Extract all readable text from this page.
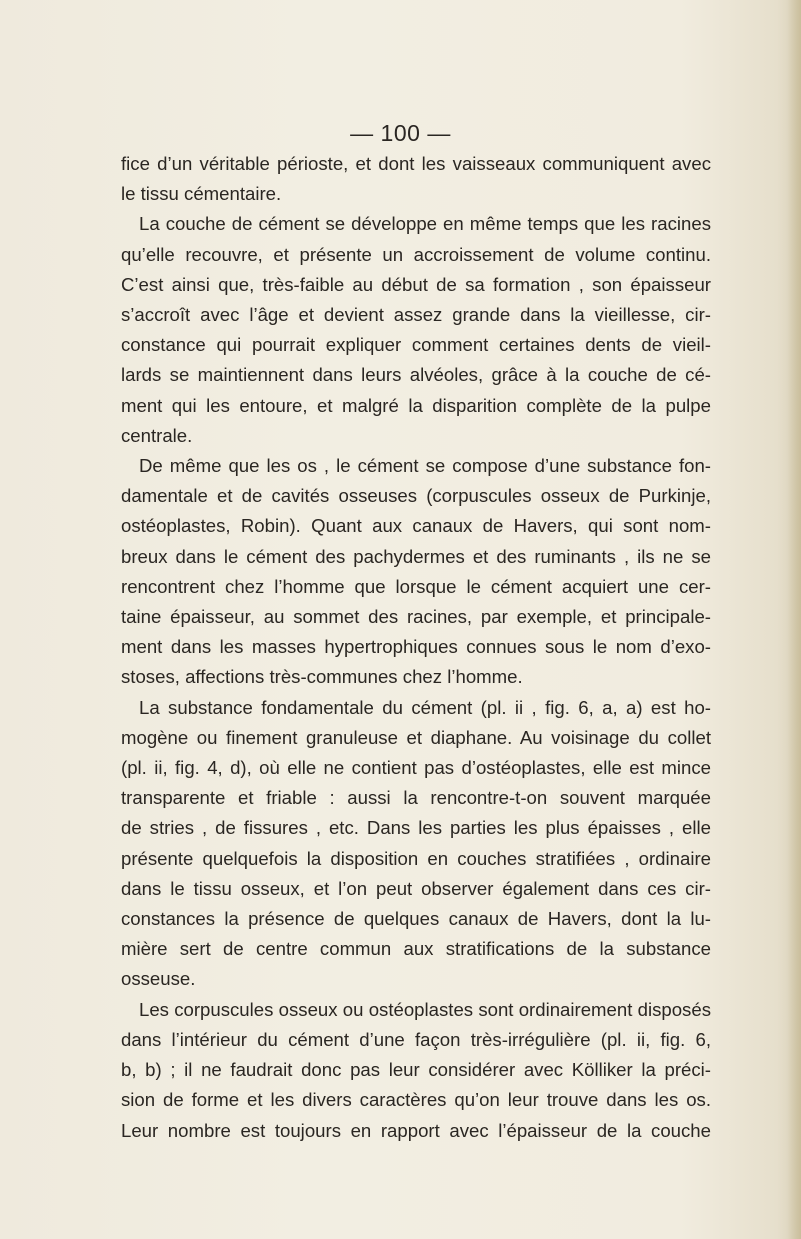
— 100 —
fice d’un véritable périoste, et dont les vaisseaux communiquent avec
le tissu cémentaire.
La couche de cément se développe en même temps que les racines
qu’elle recouvre, et présente un accroissement de volume continu.
C’est ainsi que, très-faible au début de sa formation , son épaisseur
s’accroît avec l’âge et devient assez grande dans la vieillesse, cir-
constance qui pourrait expliquer comment certaines dents de vieil-
lards se maintiennent dans leurs alvéoles, grâce à la couche de cé-
ment qui les entoure, et malgré la disparition complète de la pulpe
centrale.
De même que les os , le cément se compose d’une substance fon-
damentale et de cavités osseuses (corpuscules osseux de Purkinje,
ostéoplastes, Robin). Quant aux canaux de Havers, qui sont nom-
breux dans le cément des pachydermes et des ruminants , ils ne se
rencontrent chez l’homme que lorsque le cément acquiert une cer-
taine épaisseur, au sommet des racines, par exemple, et principale-
ment dans les masses hypertrophiques connues sous le nom d’exo-
stoses, affections très-communes chez l’homme.
La substance fondamentale du cément (pl. ii , fig. 6, a, a) est ho-
mogène ou finement granuleuse et diaphane. Au voisinage du collet
(pl. ii, fig. 4, d), où elle ne contient pas d’ostéoplastes, elle est mince
transparente et friable : aussi la rencontre-t-on souvent marquée
de stries , de fissures , etc. Dans les parties les plus épaisses , elle
présente quelquefois la disposition en couches stratifiées , ordinaire
dans le tissu osseux, et l’on peut observer également dans ces cir-
constances la présence de quelques canaux de Havers, dont la lu-
mière sert de centre commun aux stratifications de la substance
osseuse.
Les corpuscules osseux ou ostéoplastes sont ordinairement disposés
dans l’intérieur du cément d’une façon très-irrégulière (pl. ii, fig. 6,
b, b) ; il ne faudrait donc pas leur considérer avec Kölliker la préci-
sion de forme et les divers caractères qu’on leur trouve dans les os.
Leur nombre est toujours en rapport avec l’épaisseur de la couche
